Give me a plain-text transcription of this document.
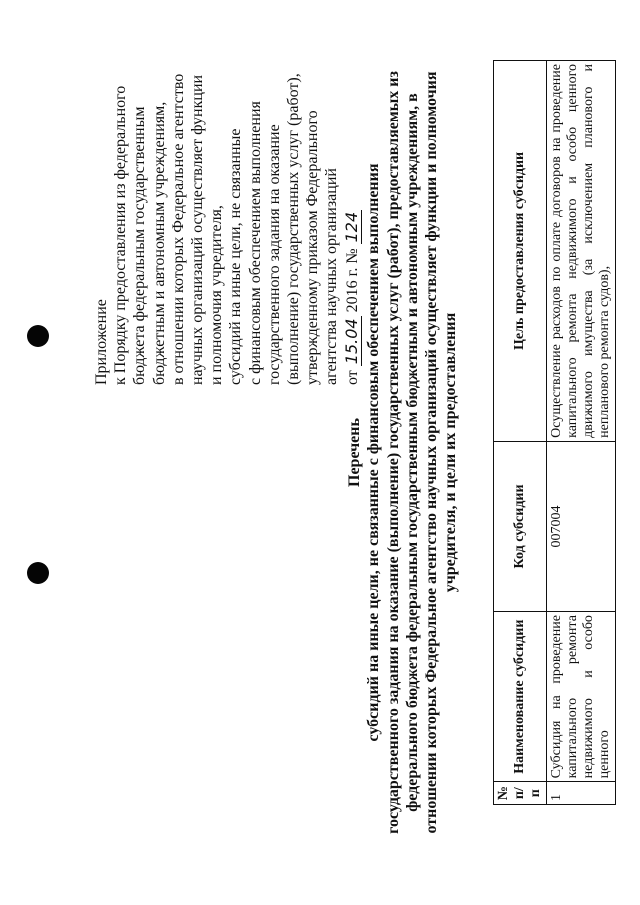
Приложение к Порядку предоставления из федерального бюджета федеральным государственным бюджетным и автономным учреждениям, в отношении которых Федеральное агентство научных организаций осуществляет функции и полномочия учредителя, субсидий на иные цели, не связанные с финансовым обеспечением выполнения государственного задания на оказание (выполнение) государственных услуг (работ), утвержденному приказом Федерального агентства научных организаций от 15.04 2016 г. № 124
Перечень субсидий на иные цели, не связанные с финансовым обеспечением выполнения государственного задания на оказание (выполнение) государственных услуг (работ), предоставляемых из федерального бюджета федеральным государственным бюджетным и автономным учреждениям, в отношении которых Федеральное агентство научных организаций осуществляет функции и полномочия учредителя, и цели их предоставления
№ п/п	Наименование субсидии	Код субсидии	Цель предоставления субсидии
1	Субсидия на проведение капитального ремонта недвижимого и особо ценного	007004	Осуществление расходов по оплате договоров на проведение капитального ремонта недвижимого и особо ценного движимого имущества (за исключением планового и непланового ремонта судов),
